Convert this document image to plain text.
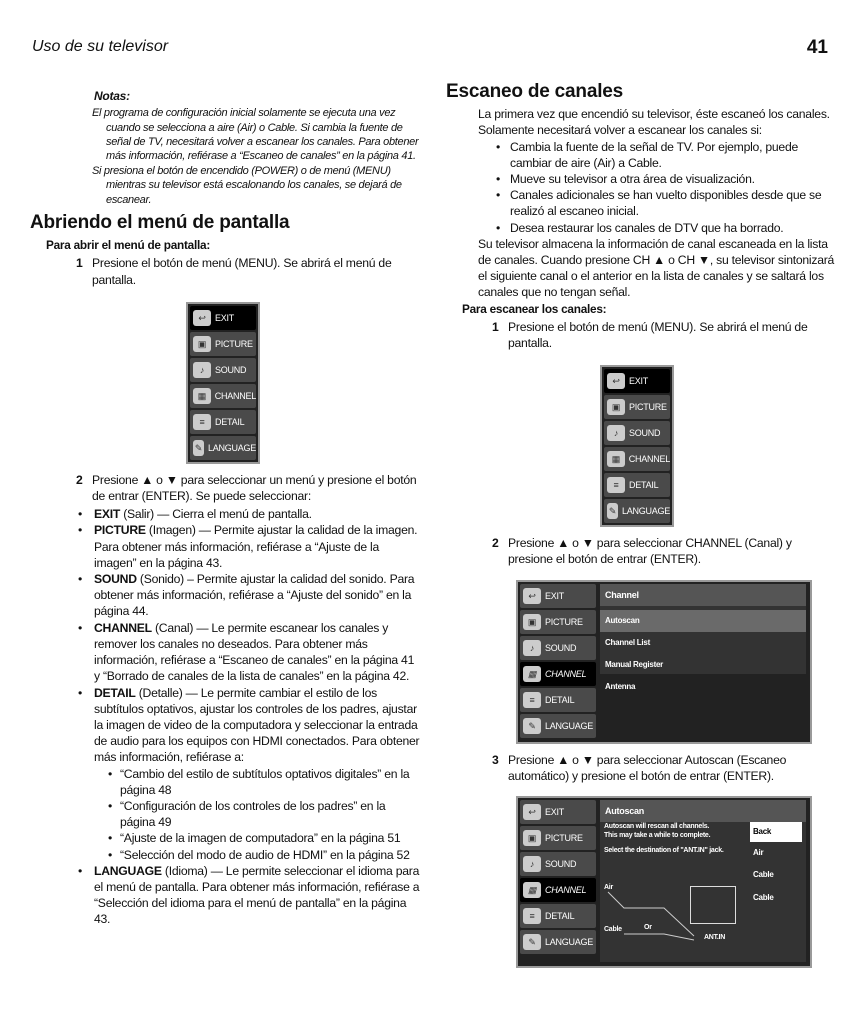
Uso de su televisor	41
Notas:
El programa de configuración inicial solamente se ejecuta una vez cuando se selecciona a aire (Air) o Cable. Si cambia la fuente de señal de TV, necesitará volver a escanear los canales. Para obtener más información, refiérase a “Escaneo de canales” en la página 41.
Si presiona el botón de encendido (POWER) o de menú (MENU) mientras su televisor está escalonando los canales, se dejará de escanear.
Abriendo el menú de pantalla
Para abrir el menú de pantalla:
1 Presione el botón de menú (MENU). Se abrirá el menú de pantalla.
↩	EXIT
▣ PICTURE
♪	SOUND
▦ CHANNEL
≡	DETAIL
✎ LANGUAGE
2 Presione ▲ o ▼ para seleccionar un menú y presione el botón de entrar (ENTER). Se puede seleccionar:
• EXIT (Salir) — Cierra el menú de pantalla.
• PICTURE (Imagen) — Permite ajustar la calidad de la imagen. Para obtener más información, refiérase a “Ajuste de la imagen” en la página 43.
• SOUND (Sonido) – Permite ajustar la calidad del sonido. Para obtener más información, refiérase a “Ajuste del sonido” en la página 44.
• CHANNEL (Canal) — Le permite escanear los canales y remover los canales no deseados. Para obtener más información, refiérase a “Escaneo de canales” en la página 41 y “Borrado de canales de la lista de canales” en la página 42.
• DETAIL (Detalle) — Le permite cambiar el estilo de los subtítulos optativos, ajustar los controles de los padres, ajustar la imagen de video de la computadora y seleccionar la entrada de audio para los equipos con HDMI conectados. Para obtener más información, refiérase a:
• “Cambio del estilo de subtítulos optativos digitales” en la página 48
• “Configuración de los controles de los padres” en la página 49
• “Ajuste de la imagen de computadora” en la página 51
• “Selección del modo de audio de HDMI” en la página 52
• LANGUAGE (Idioma) — Le permite seleccionar el idioma para el menú de pantalla. Para obtener más información, refiérase a “Selección del idioma para el menú de pantalla” en la página 43.
Escaneo de canales
La primera vez que encendió su televisor, éste escaneó los canales. Solamente necesitará volver a escanear los canales si:
• Cambia la fuente de la señal de TV. Por ejemplo, puede cambiar de aire (Air) a Cable.
• Mueve su televisor a otra área de visualización.
• Canales adicionales se han vuelto disponibles desde que se realizó al escaneo inicial.
• Desea restaurar los canales de DTV que ha borrado.
Su televisor almacena la información de canal escaneada en la lista de canales. Cuando presione CH ▲ o CH ▼, su televisor sintonizará el siguiente canal o el anterior en la lista de canales y se saltará los canales que no tengan señal.
Para escanear los canales:
1 Presione el botón de menú (MENU). Se abrirá el menú de pantalla.
↩	EXIT
▣ PICTURE
♪	SOUND
▦ CHANNEL
≡	DETAIL
✎ LANGUAGE
2 Presione ▲ o ▼ para seleccionar CHANNEL (Canal) y presione el botón de entrar (ENTER).
↩	EXIT
▣ PICTURE
♪	SOUND
▦ CHANNEL
≡	DETAIL
✎	LANGUAGE
Channel
Autoscan
Channel List
Manual Register
Antenna
3 Presione ▲ o ▼ para seleccionar Autoscan (Escaneo automático) y presione el botón de entrar (ENTER).
↩	EXIT
▣ PICTURE
♪	SOUND
▦ CHANNEL
≡	DETAIL
✎	LANGUAGE
Autoscan
Autoscan will rescan all channels.
This may take a while to complete.
Select the destination of "ANT.IN" jack.
Back
Air
Cable
Cable
Air
Cable	Or
ANT.IN
